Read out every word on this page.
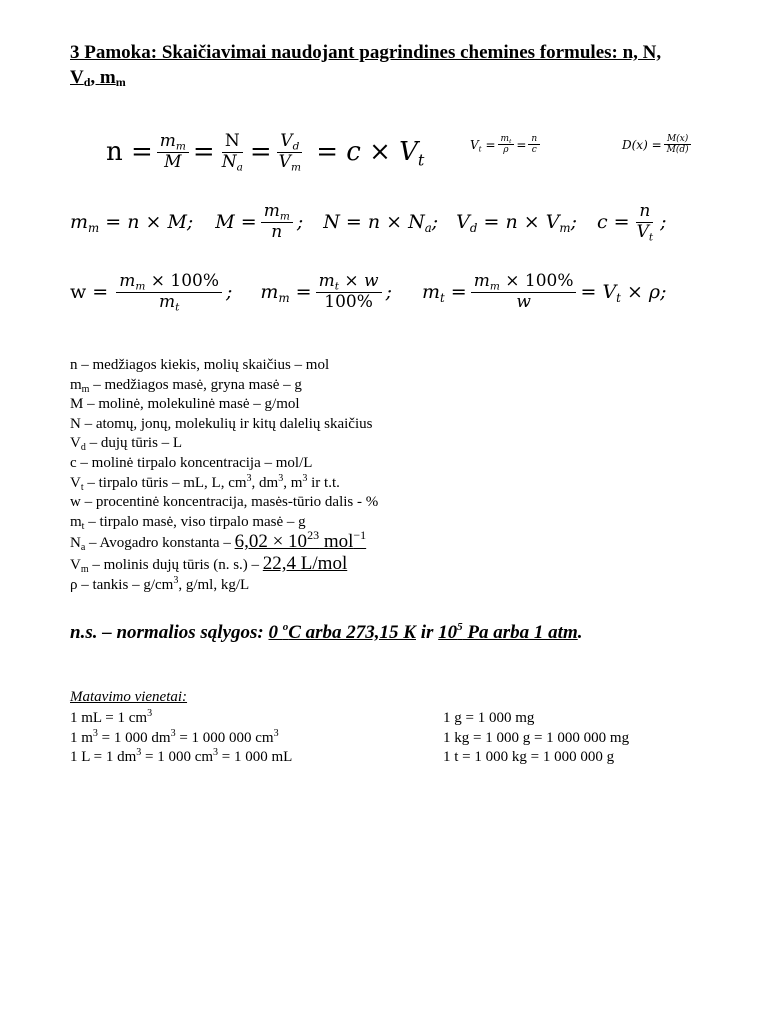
3 Pamoka: Skaičiavimai naudojant pagrindines chemines formules: n, N,
$V_d$, $m_m$
$n = \frac{m_m}{M} = \frac{N}{N_a} = \frac{V_d}{V_m} = c \times V_t$
$V_t = \frac{m_t}{\rho} = \frac{n}{c}$	$D(x) = \frac{M(x)}{M(d)}$
$m_m = n \times M$; $M = \frac{m_m}{n}$ ; $N = n \times N_a$; $V_d = n \times V_m$; $c = \frac{n}{V_t}$ ;
$w = \frac{m_m \times 100\%}{m_t}$ ; $m_m = \frac{m_t \times w}{100\%}$ ; $m_t = \frac{m_m \times 100\%}{w} = V_t \times \rho$;
n – medžiagos kiekis, molių skaičius – mol
$m_m$ – medžiagos masė, gryna masė – g
M – molinė, molekulinė masė – g/mol
N – atomų, jonų, molekulių ir kitų dalelių skaičius
$V_d$ – dujų tūris – L
c – molinė tirpalo koncentracija – mol/L
$V_t$ – tirpalo tūris – mL, L, $cm^3$, $dm^3$, $m^3$ ir t.t.
w – procentinė koncentracija, masės-tūrio dalis - %
$m_t$ – tirpalo masė, viso tirpalo masė – g
$N_a$ – Avogadro konstanta – $6,02 \times 10^{23}$ mol$^{-1}$
$V_m$ – molinis dujų tūris (n. s.) – 22,4 L/mol
ρ – tankis – $g/cm^3$, g/ml, kg/L
n.s. – normalios sąlygos: 0 $^o$C arba 273,15 K ir $10^5$ Pa arba 1 atm.
Matavimo vienetai:
1 mL = 1 $cm^3$
1 $m^3 = 1$ 000 $dm^3 = 1$ 000 000 $cm^3$
1 L = 1 $dm^3 = 1$ 000 $cm^3 = 1$ 000 mL
1 g = 1 000 mg
1 kg = 1 000 g = 1 000 000 mg
1 t = 1 000 kg = 1 000 000 g
